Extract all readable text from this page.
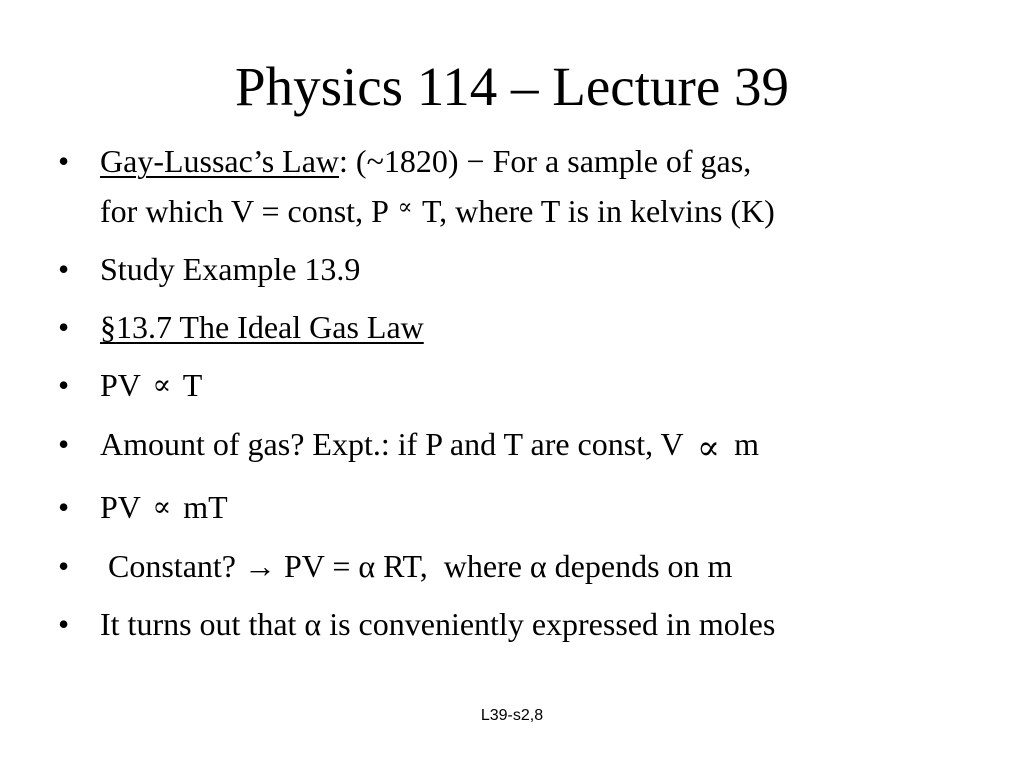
Physics 114 – Lecture 39
• Gay-Lussac’s Law: (~1820) − For a sample of gas,
for which V = const, P ∝ T, where T is in kelvins (K)
• Study Example 13.9
• §13.7 The Ideal Gas Law
• PV ∝ T
• Amount of gas? Expt.: if P and T are const, V ∝ m
• PV ∝ mT
• Constant? → PV = α RT,  where α depends on m
• It turns out that α is conveniently expressed in moles
L39-s2,8
